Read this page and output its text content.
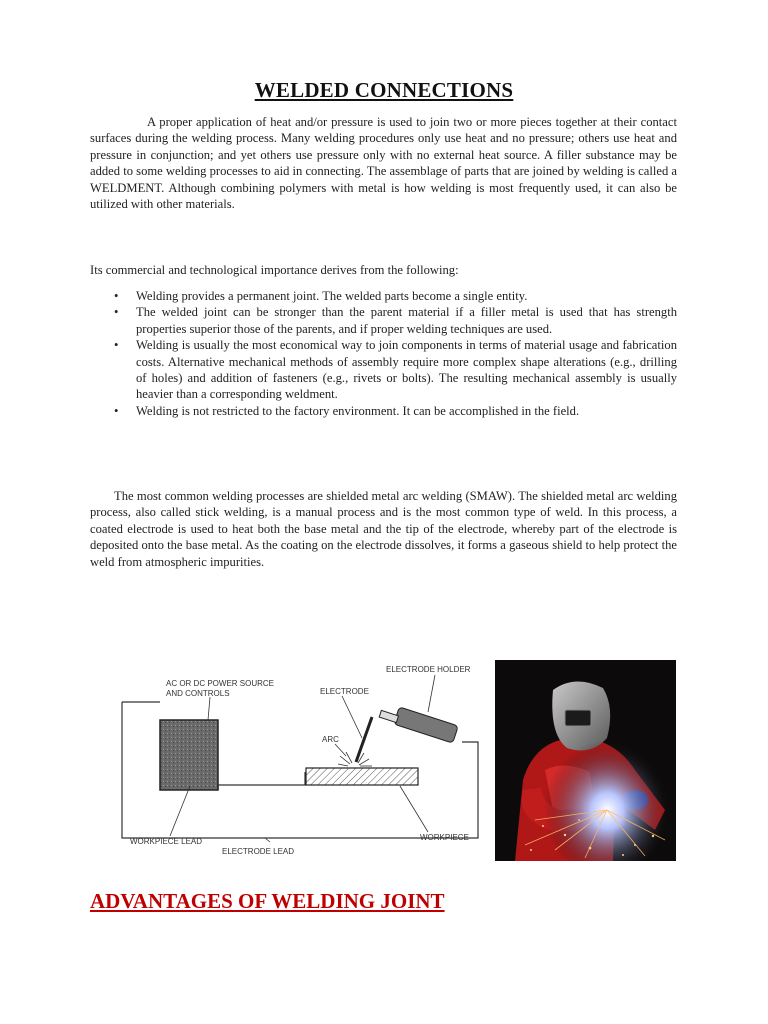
WELDED CONNECTIONS

A proper application of heat and/or pressure is used to join two or more pieces together at their contact surfaces during the welding process. Many welding procedures only use heat and no pressure; others use heat and pressure in conjunction; and yet others use pressure only with no external heat source. A filler substance may be added to some welding processes to aid in connecting. The assemblage of parts that are joined by welding is called a WELDMENT. Although combining polymers with metal is how welding is most frequently used, it can also be utilized with other materials.

Its commercial and technological importance derives from the following:

• Welding provides a permanent joint. The welded parts become a single entity.
• The welded joint can be stronger than the parent material if a filler metal is used that has strength properties superior those of the parents, and if proper welding techniques are used.
• Welding is usually the most economical way to join components in terms of material usage and fabrication costs. Alternative mechanical methods of assembly require more complex shape alterations (e.g., drilling of holes) and addition of fasteners (e.g., rivets or bolts). The resulting mechanical assembly is usually heavier than a corresponding weldment.
• Welding is not restricted to the factory environment. It can be accomplished in the field.

The most common welding processes are shielded metal arc welding (SMAW). The shielded metal arc welding process, also called stick welding, is a manual process and is the most common type of weld. In this process, a coated electrode is used to heat both the base metal and the tip of the electrode, whereby part of the electrode is deposited onto the base metal. As the coating on the electrode dissolves, it forms a gaseous shield to help protect the weld from atmospheric impurities.

AC OR DC POWER SOURCE
AND CONTROLS	ELECTRODE
ELECTRODE HOLDER
ARC
WORKPIECE LEAD
ELECTRODE LEAD
WORKPIECE
ADVANTAGES OF WELDING JOINT
